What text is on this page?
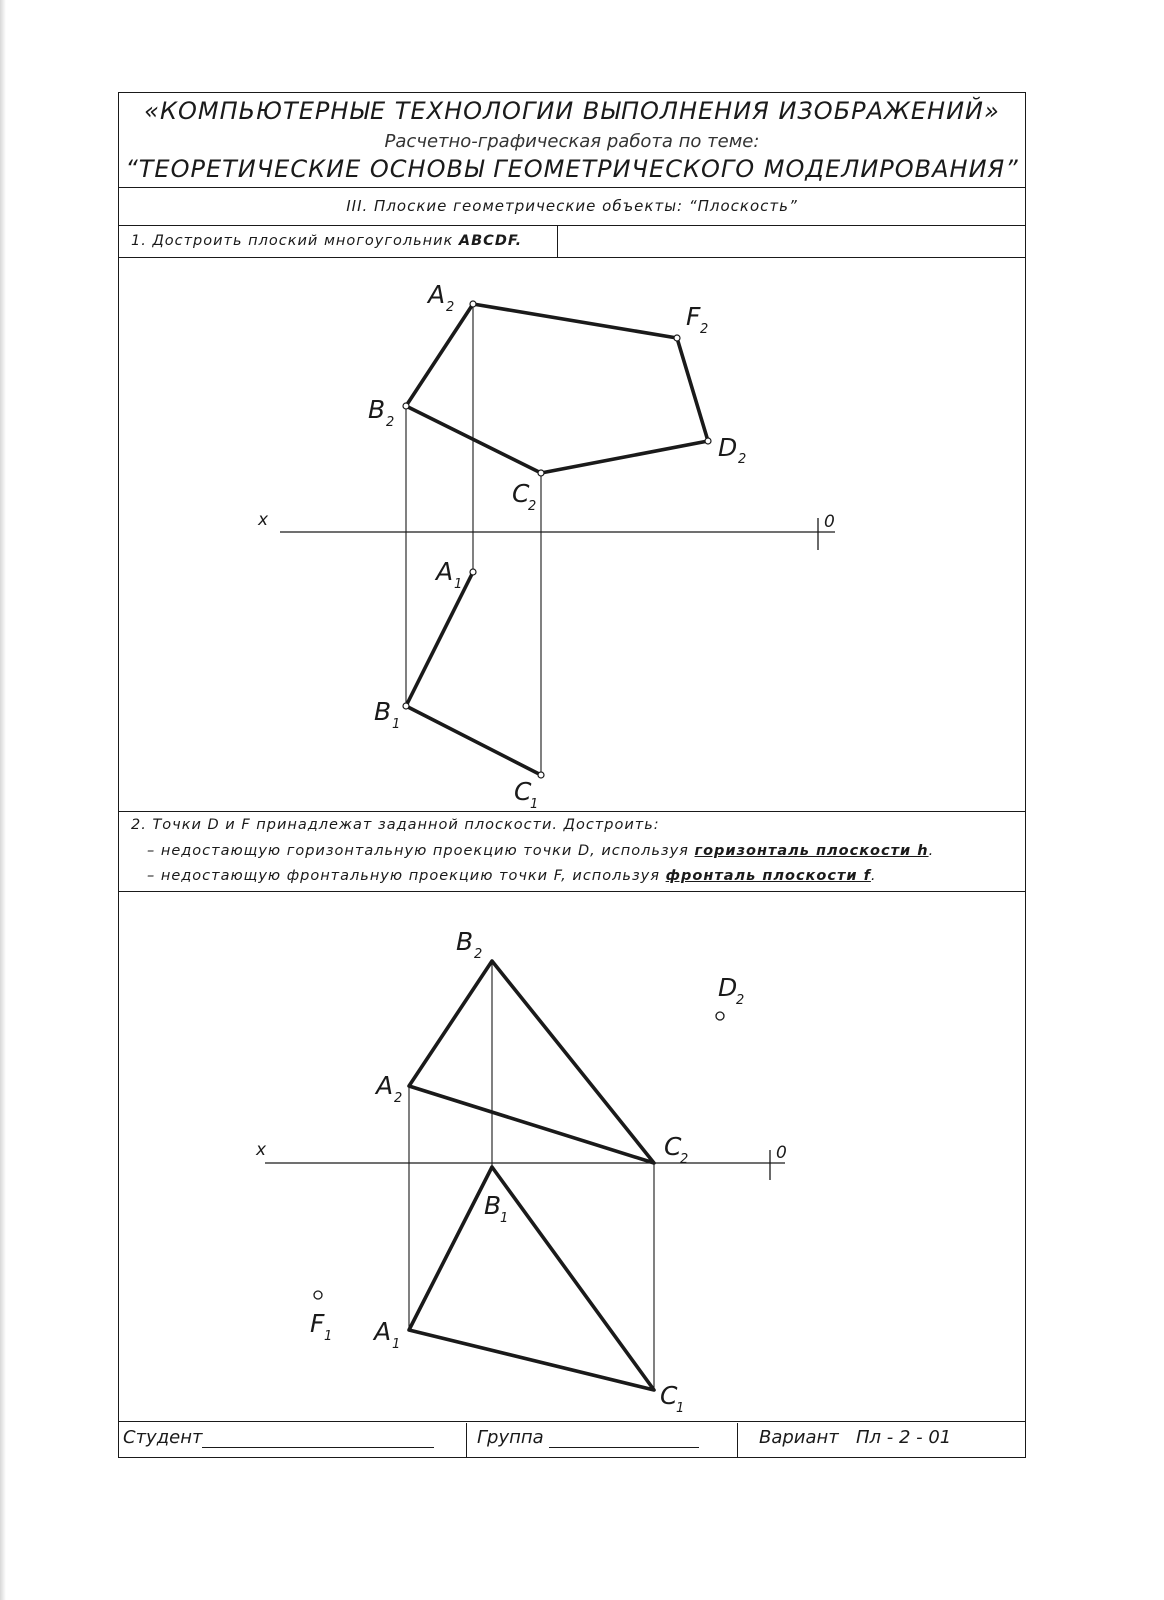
«КОМПЬЮТЕРНЫЕ ТЕХНОЛОГИИ ВЫПОЛНЕНИЯ ИЗОБРАЖЕНИЙ»
Расчетно-графическая работа по теме:
“ТЕОРЕТИЧЕСКИЕ ОСНОВЫ ГЕОМЕТРИЧЕСКОГО МОДЕЛИРОВАНИЯ”
III. Плоские геометрические объекты: “Плоскость”
1. Достроить плоский многоугольник ABCDF.
2. Точки D и F принадлежат заданной плоскости. Достроить:
– недостающую горизонтальную проекцию точки D, используя горизонталь плоскости h.
– недостающую фронтальную проекцию точки F, используя фронталь плоскости f.
Студент	Группа	Вариант Пл - 2 - 01
x	0
A 2	F 2
B 2
D 2
C
2
A 1
B 1
C
1
x	0
B 2
D
2
A 2
C
2
B
1
F 1 A 1
C
1
